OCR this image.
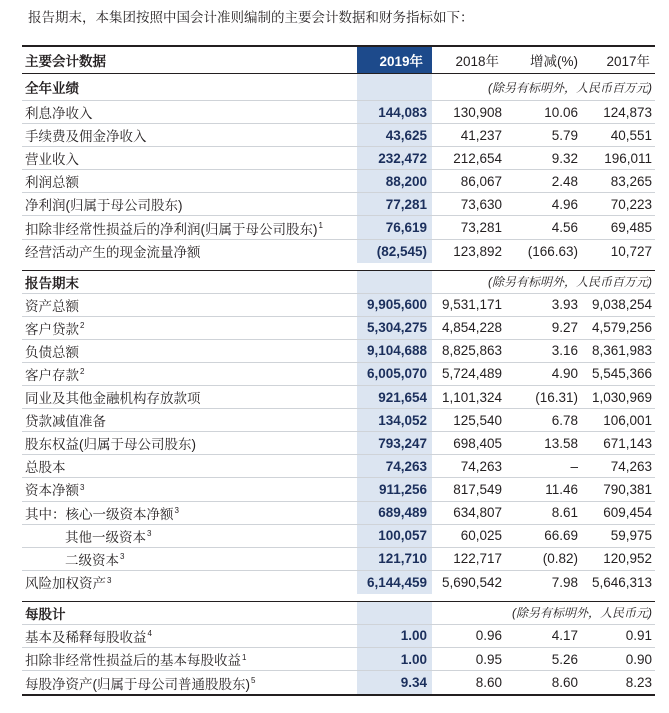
报告期末，本集团按照中国会计准则编制的主要会计数据和财务指标如下：
主要会计数据	2019年	2018年	增减(%)	2017年
全年业绩	(除另有标明外，人民币百万元)
利息净收入	144,083	130,908	10.06	124,873
手续费及佣金净收入	43,625	41,237	5.79	40,551
营业收入	232,472	212,654	9.32	196,011
利润总额	88,200	86,067	2.48	83,265
净利润(归属于母公司股东)	77,281	73,630	4.96	70,223
扣除非经常性损益后的净利润(归属于母公司股东)$^1$	76,619	73,281	4.56	69,485
经营活动产生的现金流量净额	(82,545)	123,892	(166.63)	10,727
报告期末	(除另有标明外，人民币百万元)
资产总额	9,905,600	9,531,171	3.93	9,038,254
客户贷款$^2$	5,304,275	4,854,228	9.27	4,579,256
负债总额	9,104,688	8,825,863	3.16	8,361,983
客户存款$^2$	6,005,070	5,724,489	4.90	5,545,366
同业及其他金融机构存放款项	921,654	1,101,324	(16.31)	1,030,969
贷款减值准备	134,052	125,540	6.78	106,001
股东权益(归属于母公司股东)	793,247	698,405	13.58	671,143
总股本	74,263	74,263	–	74,263
资本净额$^3$	911,256	817,549	11.46	790,381
其中：核心一级资本净额$^3$	689,489	634,807	8.61	609,454
其他一级资本$^3$	100,057	60,025	66.69	59,975
二级资本$^3$	121,710	122,717	(0.82)	120,952
风险加权资产$^3$	6,144,459	5,690,542	7.98	5,646,313
每股计	(除另有标明外，人民币元)
基本及稀释每股收益$^4$	1.00	0.96	4.17	0.91
扣除非经常性损益后的基本每股收益$^1$	1.00	0.95	5.26	0.90
每股净资产(归属于母公司普通股股东)$^5$	9.34	8.60	8.60	8.23
